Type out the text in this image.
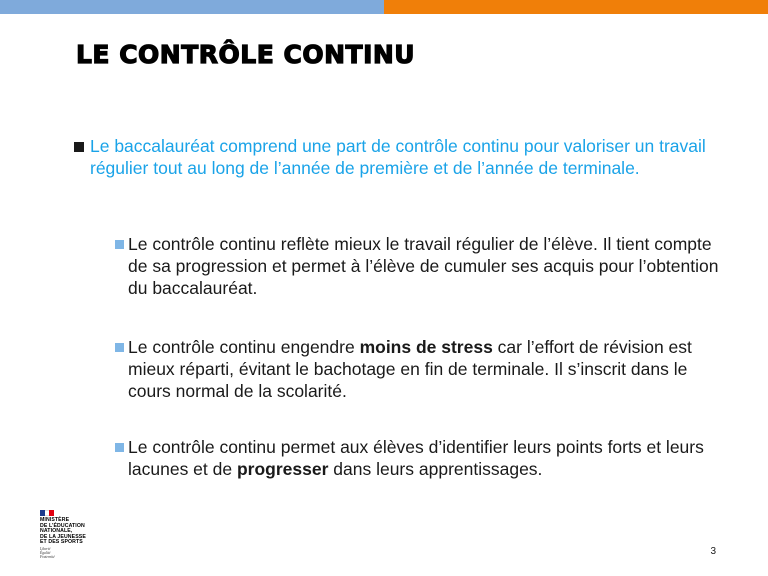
LE CONTRÔLE CONTINU
Le baccalauréat comprend une part de contrôle continu pour valoriser un travail régulier tout au long de l’année de première et de l’année de terminale.
Le contrôle continu reflète mieux le travail régulier de l’élève. Il tient compte de sa progression et permet à l’élève de cumuler ses acquis pour l’obtention du baccalauréat.
Le contrôle continu engendre moins de stress car l’effort de révision est mieux réparti, évitant le bachotage en fin de terminale. Il s’inscrit dans le cours normal de la scolarité.
Le contrôle continu permet aux élèves d’identifier leurs points forts et leurs lacunes et de progresser dans leurs apprentissages.
MINISTÈRE
DE L’ÉDUCATION
NATIONALE,
DE LA JEUNESSE
ET DES SPORTS
Liberté
Égalité
Fraternité	3
